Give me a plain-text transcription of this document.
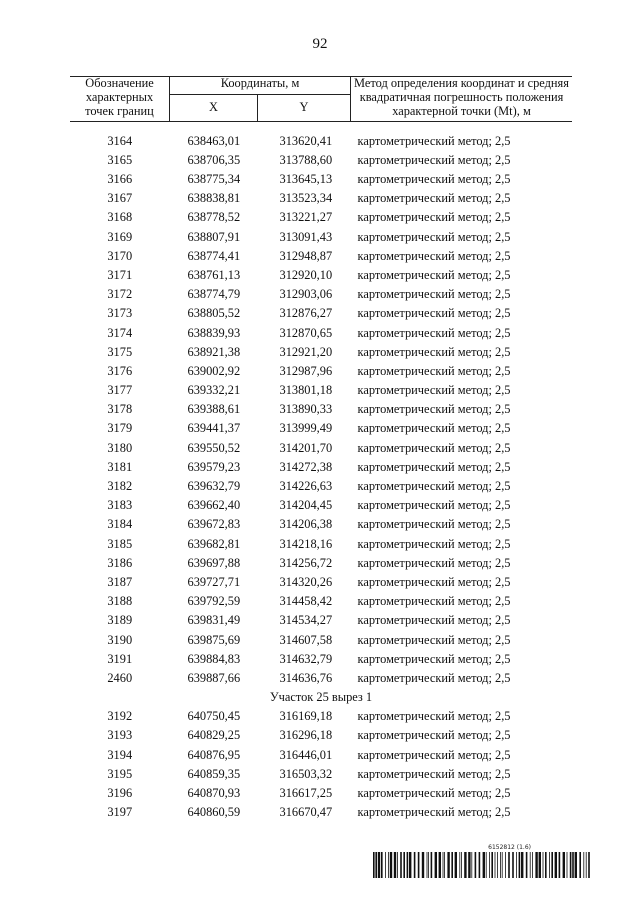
92
Обозначение характерных точек границ	Координаты, м		Метод определения координат и средняя квадратичная погрешность положения характерной точки (Mt), м
	X	Y	

3164	638463,01	313620,41	картометрический метод; 2,5
3165	638706,35	313788,60	картометрический метод; 2,5
3166	638775,34	313645,13	картометрический метод; 2,5
3167	638838,81	313523,34	картометрический метод; 2,5
3168	638778,52	313221,27	картометрический метод; 2,5
3169	638807,91	313091,43	картометрический метод; 2,5
3170	638774,41	312948,87	картометрический метод; 2,5
3171	638761,13	312920,10	картометрический метод; 2,5
3172	638774,79	312903,06	картометрический метод; 2,5
3173	638805,52	312876,27	картометрический метод; 2,5
3174	638839,93	312870,65	картометрический метод; 2,5
3175	638921,38	312921,20	картометрический метод; 2,5
3176	639002,92	312987,96	картометрический метод; 2,5
3177	639332,21	313801,18	картометрический метод; 2,5
3178	639388,61	313890,33	картометрический метод; 2,5
3179	639441,37	313999,49	картометрический метод; 2,5
3180	639550,52	314201,70	картометрический метод; 2,5
3181	639579,23	314272,38	картометрический метод; 2,5
3182	639632,79	314226,63	картометрический метод; 2,5
3183	639662,40	314204,45	картометрический метод; 2,5
3184	639672,83	314206,38	картометрический метод; 2,5
3185	639682,81	314218,16	картометрический метод; 2,5
3186	639697,88	314256,72	картометрический метод; 2,5
3187	639727,71	314320,26	картометрический метод; 2,5
3188	639792,59	314458,42	картометрический метод; 2,5
3189	639831,49	314534,27	картометрический метод; 2,5
3190	639875,69	314607,58	картометрический метод; 2,5
3191	639884,83	314632,79	картометрический метод; 2,5
2460	639887,66	314636,76	картометрический метод; 2,5
Участок 25 вырез 1			
3192	640750,45	316169,18	картометрический метод; 2,5
3193	640829,25	316296,18	картометрический метод; 2,5
3194	640876,95	316446,01	картометрический метод; 2,5
3195	640859,35	316503,32	картометрический метод; 2,5
3196	640870,93	316617,25	картометрический метод; 2,5
3197	640860,59	316670,47	картометрический метод; 2,5
6152812 (1.6)
